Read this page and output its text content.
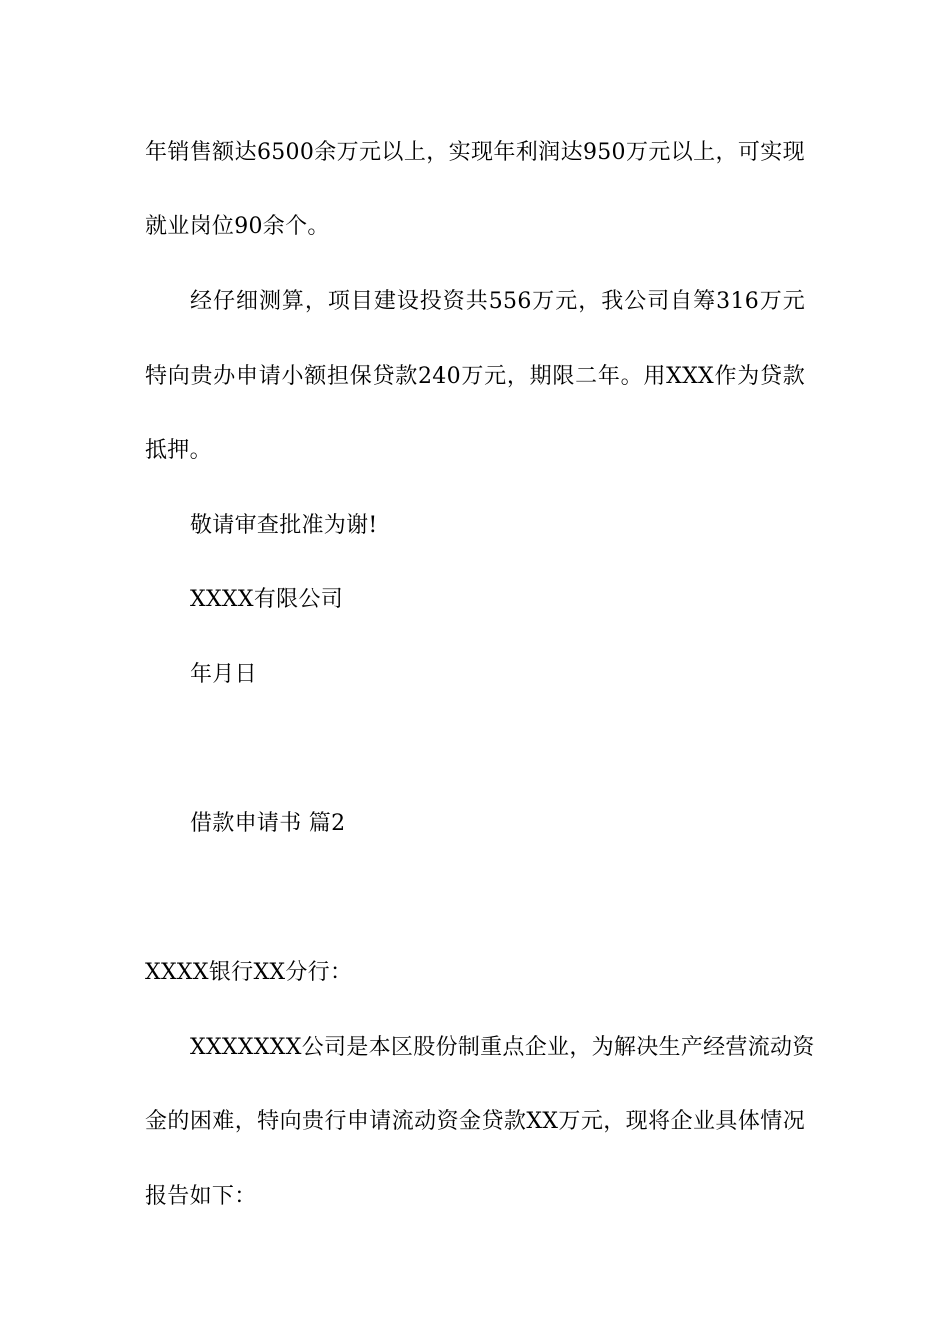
年销售额达6500余万元以上，实现年利润达950万元以上，可实现
就业岗位90余个。
经仔细测算，项目建设投资共556万元，我公司自筹316万元
特向贵办申请小额担保贷款240万元，期限二年。用XXX作为贷款
抵押。
敬请审查批准为谢!
XXXX有限公司
年月日
借款申请书 篇2
XXXX银行XX分行：
XXXXXXX公司是本区股份制重点企业，为解决生产经营流动资
金的困难，特向贵行申请流动资金贷款XX万元，现将企业具体情况
报告如下：
